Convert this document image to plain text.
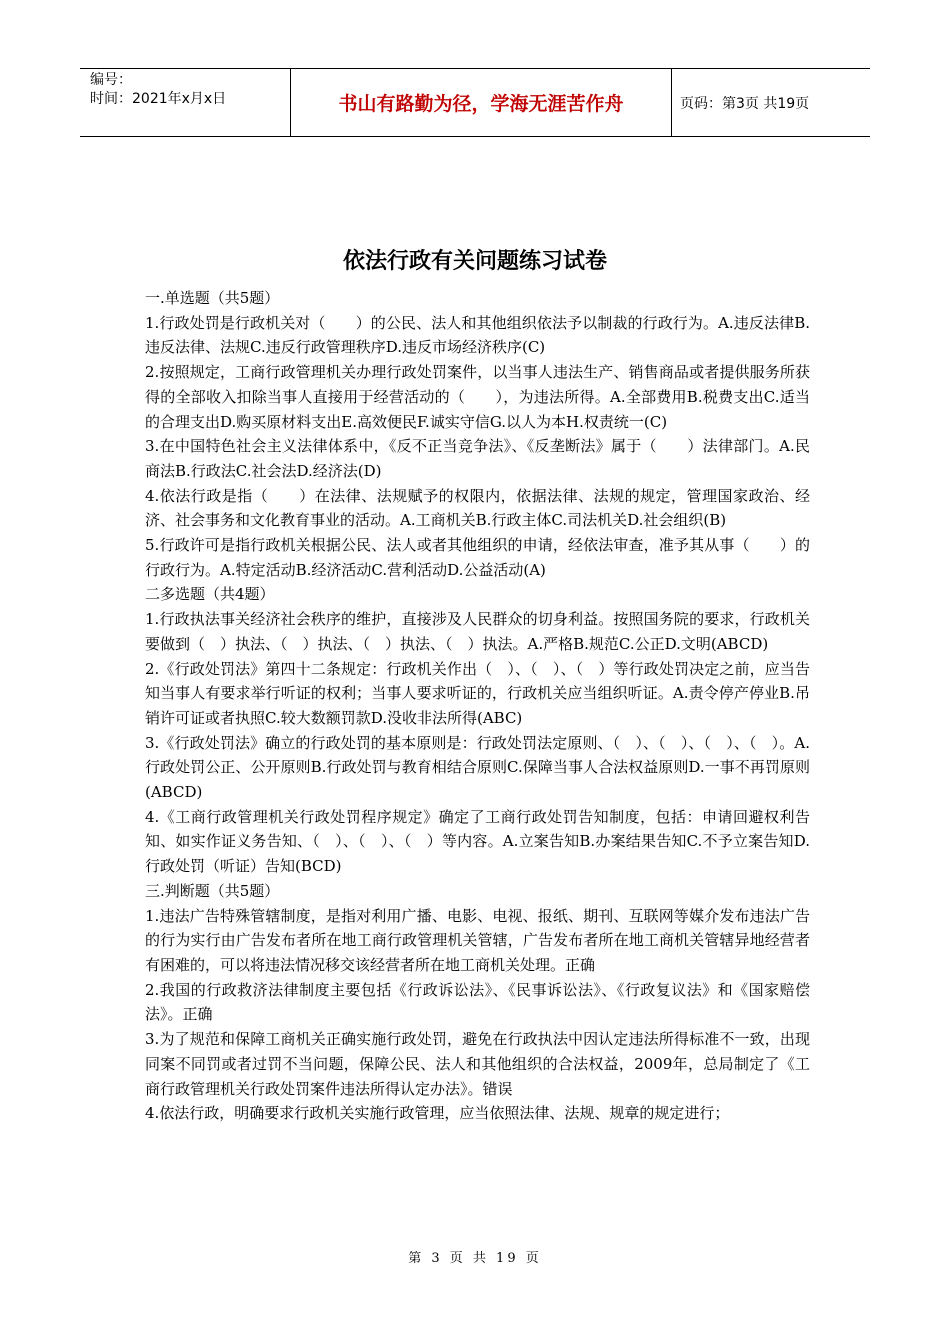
编号：
时间：2021年x月x日	书山有路勤为径，学海无涯苦作舟	页码：第3页 共19页
依法行政有关问题练习试卷

一.单选题（共5题）

1.行政处罚是行政机关对（　　）的公民、法人和其他组织依法予以制裁的行政行为。A.违反法律B.违反法律、法规C.违反行政管理秩序D.违反市场经济秩序(C)

2.按照规定，工商行政管理机关办理行政处罚案件，以当事人违法生产、销售商品或者提供服务所获得的全部收入扣除当事人直接用于经营活动的（　　），为违法所得。A.全部费用B.税费支出C.适当的合理支出D.购买原材料支出E.高效便民F.诚实守信G.以人为本H.权责统一(C)

3.在中国特色社会主义法律体系中，《反不正当竞争法》、《反垄断法》属于（　　）法律部门。A.民商法B.行政法C.社会法D.经济法(D)

4.依法行政是指（　　）在法律、法规赋予的权限内，依据法律、法规的规定，管理国家政治、经济、社会事务和文化教育事业的活动。A.工商机关B.行政主体C.司法机关D.社会组织(B)

5.行政许可是指行政机关根据公民、法人或者其他组织的申请，经依法审查，准予其从事（　　）的行政行为。A.特定活动B.经济活动C.营利活动D.公益活动(A)

二多选题（共4题）

1.行政执法事关经济社会秩序的维护，直接涉及人民群众的切身利益。按照国务院的要求，行政机关要做到（　）执法、（　）执法、（　）执法、（　）执法。A.严格B.规范C.公正D.文明(ABCD)

2.《行政处罚法》第四十二条规定：行政机关作出（　）、（　）、（　）等行政处罚决定之前，应当告知当事人有要求举行听证的权利；当事人要求听证的，行政机关应当组织听证。A.责令停产停业B.吊销许可证或者执照C.较大数额罚款D.没收非法所得(ABC)

3.《行政处罚法》确立的行政处罚的基本原则是：行政处罚法定原则、（　）、（　）、（　）、（　）。A.行政处罚公正、公开原则B.行政处罚与教育相结合原则C.保障当事人合法权益原则D.一事不再罚原则(ABCD)

4.《工商行政管理机关行政处罚程序规定》确定了工商行政处罚告知制度，包括：申请回避权利告知、如实作证义务告知、（　）、（　）、（　）等内容。A.立案告知B.办案结果告知C.不予立案告知D.行政处罚（听证）告知(BCD)

三.判断题（共5题）

1.违法广告特殊管辖制度，是指对利用广播、电影、电视、报纸、期刊、互联网等媒介发布违法广告的行为实行由广告发布者所在地工商行政管理机关管辖，广告发布者所在地工商机关管辖异地经营者有困难的，可以将违法情况移交该经营者所在地工商机关处理。正确

2.我国的行政救济法律制度主要包括《行政诉讼法》、《民事诉讼法》、《行政复议法》和《国家赔偿法》。正确

3.为了规范和保障工商机关正确实施行政处罚，避免在行政执法中因认定违法所得标准不一致，出现同案不同罚或者过罚不当问题，保障公民、法人和其他组织的合法权益，2009年，总局制定了《工商行政管理机关行政处罚案件违法所得认定办法》。错误

4.依法行政，明确要求行政机关实施行政管理，应当依照法律、法规、规章的规定进行；

第 3 页 共 19 页
